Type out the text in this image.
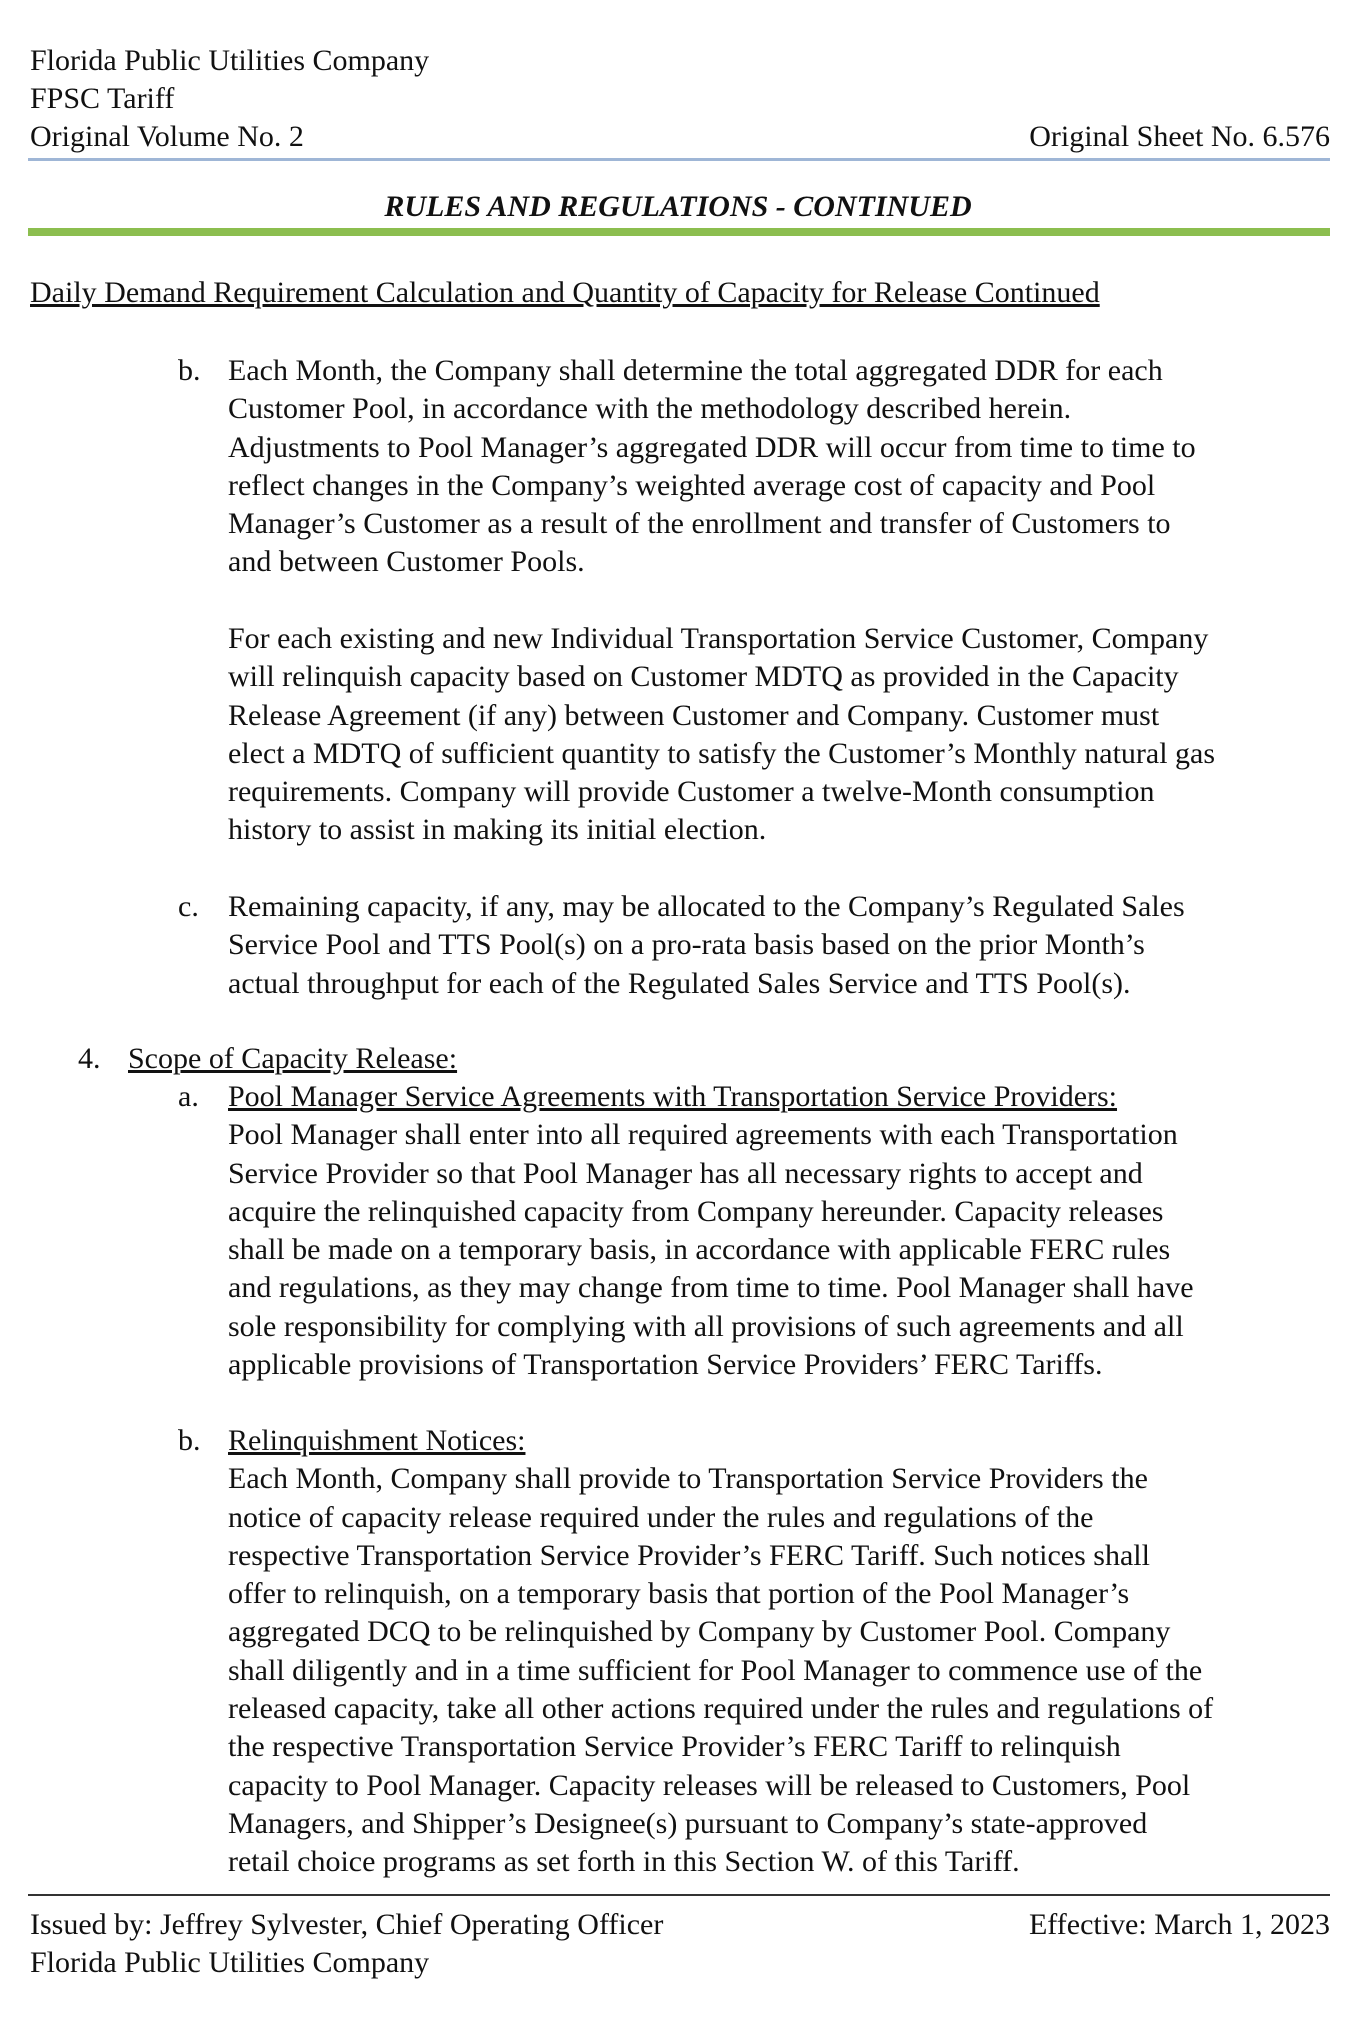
Florida Public Utilities Company
FPSC Tariff
Original Volume No. 2	Original Sheet No. 6.576
RULES AND REGULATIONS - CONTINUED
Daily Demand Requirement Calculation and Quantity of Capacity for Release Continued
b. Each Month, the Company shall determine the total aggregated DDR for each
Customer Pool, in accordance with the methodology described herein.
Adjustments to Pool Manager’s aggregated DDR will occur from time to time to
reflect changes in the Company’s weighted average cost of capacity and Pool
Manager’s Customer as a result of the enrollment and transfer of Customers to
and between Customer Pools.
For each existing and new Individual Transportation Service Customer, Company
will relinquish capacity based on Customer MDTQ as provided in the Capacity
Release Agreement (if any) between Customer and Company. Customer must
elect a MDTQ of sufficient quantity to satisfy the Customer’s Monthly natural gas
requirements. Company will provide Customer a twelve-Month consumption
history to assist in making its initial election.
c. Remaining capacity, if any, may be allocated to the Company’s Regulated Sales
Service Pool and TTS Pool(s) on a pro-rata basis based on the prior Month’s
actual throughput for each of the Regulated Sales Service and TTS Pool(s).
4. Scope of Capacity Release:
a. Pool Manager Service Agreements with Transportation Service Providers:
Pool Manager shall enter into all required agreements with each Transportation
Service Provider so that Pool Manager has all necessary rights to accept and
acquire the relinquished capacity from Company hereunder. Capacity releases
shall be made on a temporary basis, in accordance with applicable FERC rules
and regulations, as they may change from time to time. Pool Manager shall have
sole responsibility for complying with all provisions of such agreements and all
applicable provisions of Transportation Service Providers’ FERC Tariffs.
b. Relinquishment Notices:
Each Month, Company shall provide to Transportation Service Providers the
notice of capacity release required under the rules and regulations of the
respective Transportation Service Provider’s FERC Tariff. Such notices shall
offer to relinquish, on a temporary basis that portion of the Pool Manager’s
aggregated DCQ to be relinquished by Company by Customer Pool. Company
shall diligently and in a time sufficient for Pool Manager to commence use of the
released capacity, take all other actions required under the rules and regulations of
the respective Transportation Service Provider’s FERC Tariff to relinquish
capacity to Pool Manager. Capacity releases will be released to Customers, Pool
Managers, and Shipper’s Designee(s) pursuant to Company’s state-approved
retail choice programs as set forth in this Section W. of this Tariff.
Issued by: Jeffrey Sylvester, Chief Operating Officer	Effective: March 1, 2023
Florida Public Utilities Company
